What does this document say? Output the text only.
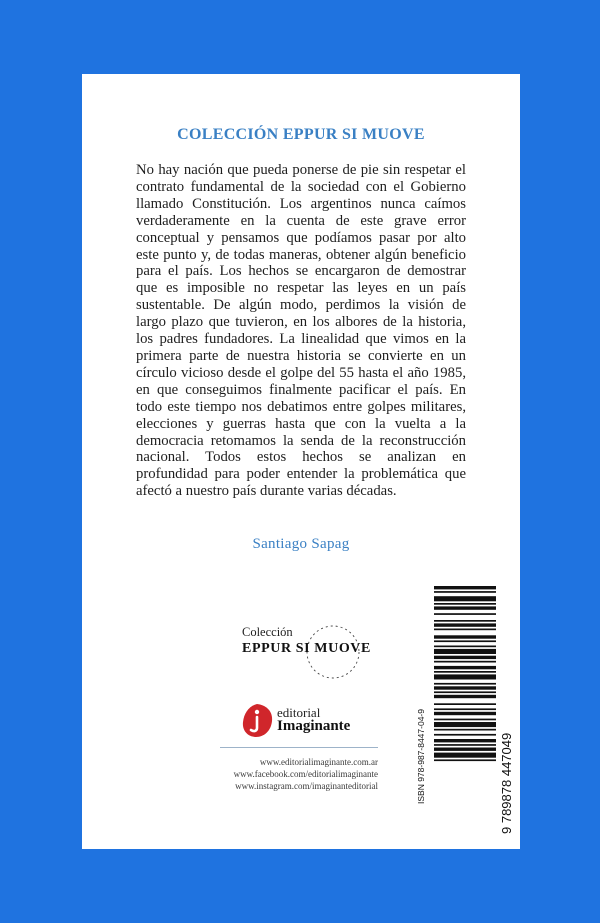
COLECCIÓN EPPUR SI MUOVE
No hay nación que pueda ponerse de pie sin respetar el contrato fundamental de la sociedad con el Gobierno llamado Constitución. Los argentinos nunca caímos verdaderamente en la cuenta de este grave error conceptual y pensamos que podíamos pasar por alto este punto y, de todas maneras, obtener algún beneficio para el país. Los hechos se encargaron de demostrar que es imposible no respetar las leyes en un país sustentable. De algún modo, perdimos la visión de largo plazo que tuvieron, en los albores de la historia, los padres fundadores. La linealidad que vimos en la primera parte de nuestra historia se convierte en un círculo vicioso desde el golpe del 55 hasta el año 1985, en que conseguimos finalmente pacificar el país. En todo este tiempo nos debatimos entre golpes militares, elecciones y guerras hasta que con la vuelta a la democracia retomamos la senda de la reconstrucción nacional. Todos estos hechos se analizan en profundidad para poder entender la problemática que afectó a nuestro país durante varias décadas.
Santiago Sapag
Colección
EPPUR SI MUOVE
editorial
Imaginante
www.editorialimaginante.com.ar
www.facebook.com/editorialimaginante
www.instagram.com/imaginanteditorial	ISBN 978-987-8447-04-9	9 789878 447049
